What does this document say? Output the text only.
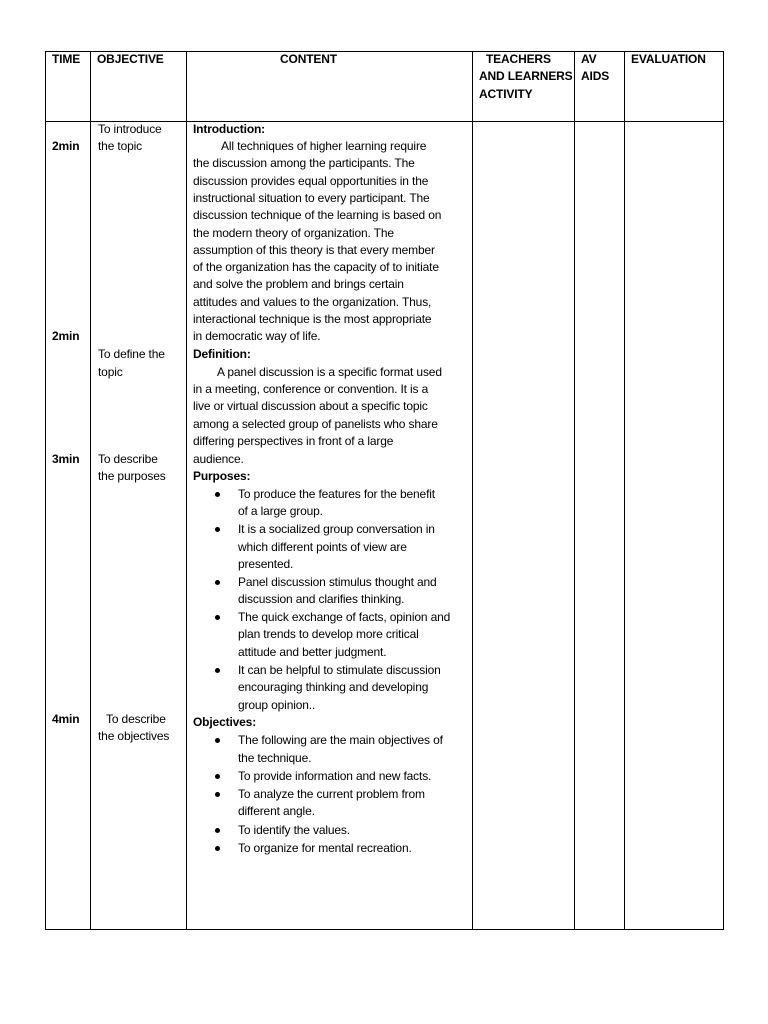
TIME OBJECTIVE	CONTENT	TEACHERS
AND LEARNERS
ACTIVITY
AV
AIDS
EVALUATION
2min
2min
3min
4min
To introduce
the topic
To define the
topic
To describe
the purposes
To describe
the objectives
Introduction:
All techniques of higher learning require
the discussion among the participants. The
discussion provides equal opportunities in the
instructional situation to every participant. The
discussion technique of the learning is based on
the modern theory of organization. The
assumption of this theory is that every member
of the organization has the capacity of to initiate
and solve the problem and brings certain
attitudes and values to the organization. Thus,
interactional technique is the most appropriate
in democratic way of life.
Definition:
A panel discussion is a specific format used
in a meeting, conference or convention. It is a
live or virtual discussion about a specific topic
among a selected group of panelists who share
differing perspectives in front of a large
audience.
Purposes:
To produce the features for the benefit
of a large group.
It is a socialized group conversation in
which different points of view are
presented.
Panel discussion stimulus thought and
discussion and clarifies thinking.
The quick exchange of facts, opinion and
plan trends to develop more critical
attitude and better judgment.
It can be helpful to stimulate discussion
encouraging thinking and developing
group opinion..
Objectives:
The following are the main objectives of
the technique.
To provide information and new facts.
To analyze the current problem from
different angle.
To identify the values.
To organize for mental recreation.
